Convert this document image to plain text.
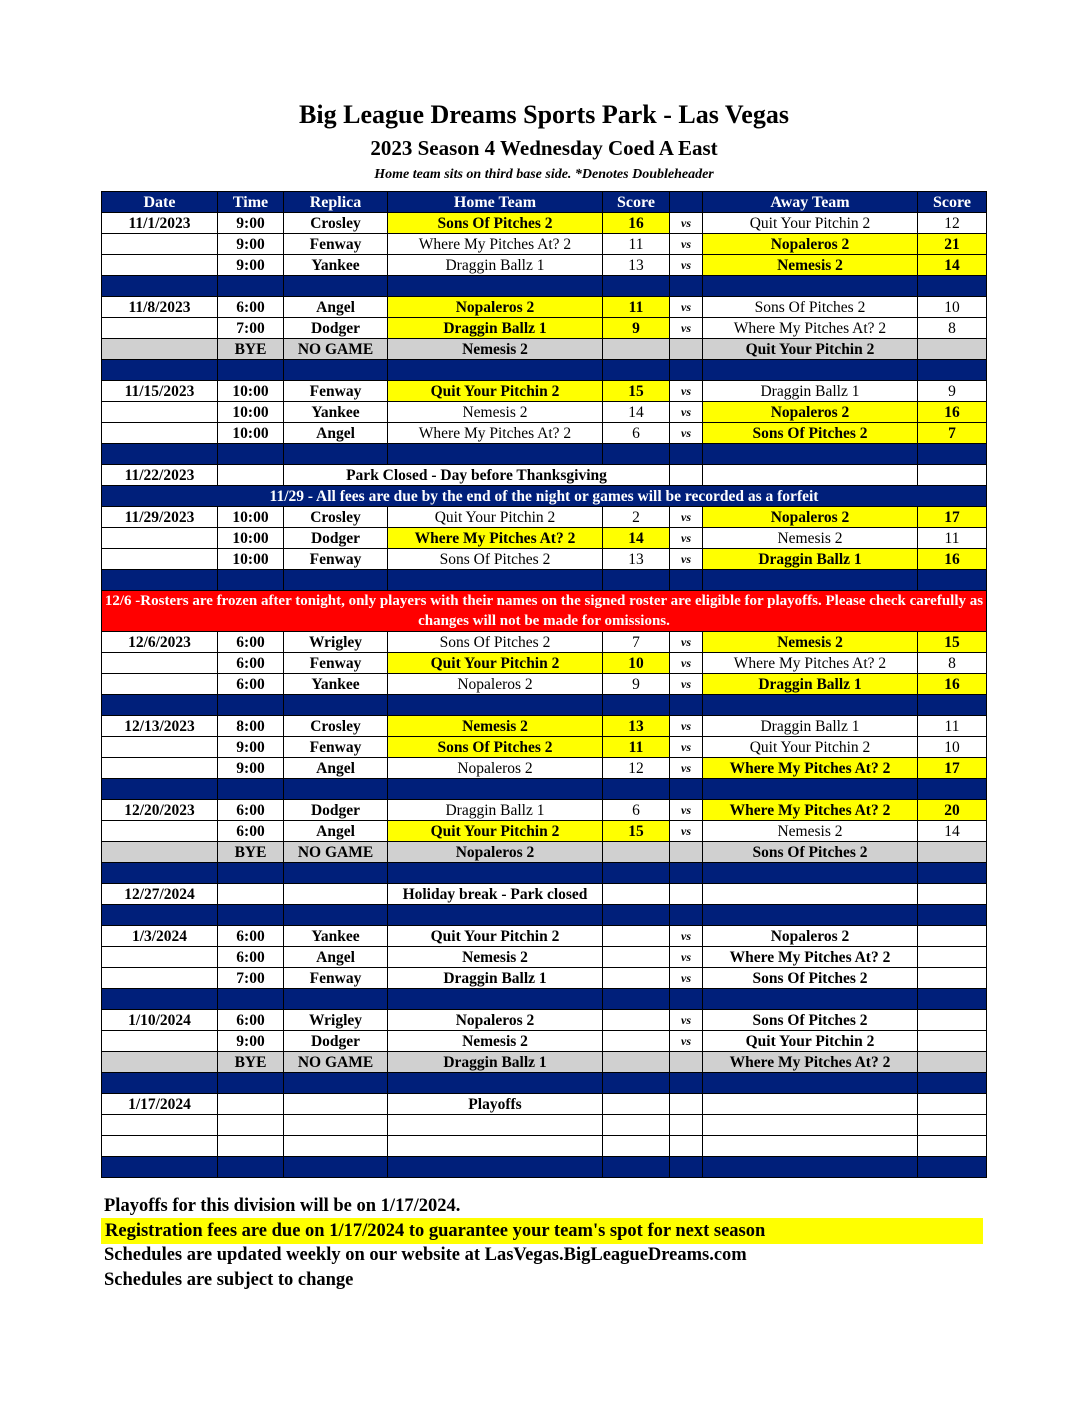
Big League Dreams Sports Park - Las Vegas
2023 Season 4 Wednesday Coed A East
Home team sits on third base side. *Denotes Doubleheader
Date	Time	Replica	Home Team	Score		Away Team	Score
11/1/2023	9:00	Crosley	Sons Of Pitches 2	16	vs	Quit Your Pitchin 2	12
	9:00	Fenway	Where My Pitches At? 2	11	vs	Nopaleros 2	21
	9:00	Yankee	Draggin Ballz 1	13	vs	Nemesis 2	14

11/8/2023	6:00	Angel	Nopaleros 2	11	vs	Sons Of Pitches 2	10
	7:00	Dodger	Draggin Ballz 1	9	vs	Where My Pitches At? 2	8
	BYE	NO GAME	Nemesis 2			Quit Your Pitchin 2	

11/15/2023	10:00	Fenway	Quit Your Pitchin 2	15	vs	Draggin Ballz 1	9
	10:00	Yankee	Nemesis 2	14	vs	Nopaleros 2	16
	10:00	Angel	Where My Pitches At? 2	6	vs	Sons Of Pitches 2	7

11/22/2023		Park Closed - Day before Thanksgiving					
11/29 - All fees are due by the end of the night or games will be recorded as a forfeit							
11/29/2023	10:00	Crosley	Quit Your Pitchin 2	2	vs	Nopaleros 2	17
	10:00	Dodger	Where My Pitches At? 2	14	vs	Nemesis 2	11
	10:00	Fenway	Sons Of Pitches 2	13	vs	Draggin Ballz 1	16

12/6 -Rosters are frozen after tonight, only players with their names on the signed roster are eligible for playoffs. Please check carefully as changes will not be made for omissions.							
12/6/2023	6:00	Wrigley	Sons Of Pitches 2	7	vs	Nemesis 2	15
	6:00	Fenway	Quit Your Pitchin 2	10	vs	Where My Pitches At? 2	8
	6:00	Yankee	Nopaleros 2	9	vs	Draggin Ballz 1	16

12/13/2023	8:00	Crosley	Nemesis 2	13	vs	Draggin Ballz 1	11
	9:00	Fenway	Sons Of Pitches 2	11	vs	Quit Your Pitchin 2	10
	9:00	Angel	Nopaleros 2	12	vs	Where My Pitches At? 2	17

12/20/2023	6:00	Dodger	Draggin Ballz 1	6	vs	Where My Pitches At? 2	20
	6:00	Angel	Quit Your Pitchin 2	15	vs	Nemesis 2	14
	BYE	NO GAME	Nopaleros 2			Sons Of Pitches 2	

12/27/2024			Holiday break - Park closed				

1/3/2024	6:00	Yankee	Quit Your Pitchin 2		vs	Nopaleros 2	
	6:00	Angel	Nemesis 2		vs	Where My Pitches At? 2	
	7:00	Fenway	Draggin Ballz 1		vs	Sons Of Pitches 2	

1/10/2024	6:00	Wrigley	Nopaleros 2		vs	Sons Of Pitches 2	
	9:00	Dodger	Nemesis 2		vs	Quit Your Pitchin 2	
	BYE	NO GAME	Draggin Ballz 1			Where My Pitches At? 2	

1/17/2024			Playoffs				

Playoffs for this division will be on 1/17/2024.
Registration fees are due on 1/17/2024 to guarantee your team's spot for next season
Schedules are updated weekly on our website at LasVegas.BigLeagueDreams.com
Schedules are subject to change
